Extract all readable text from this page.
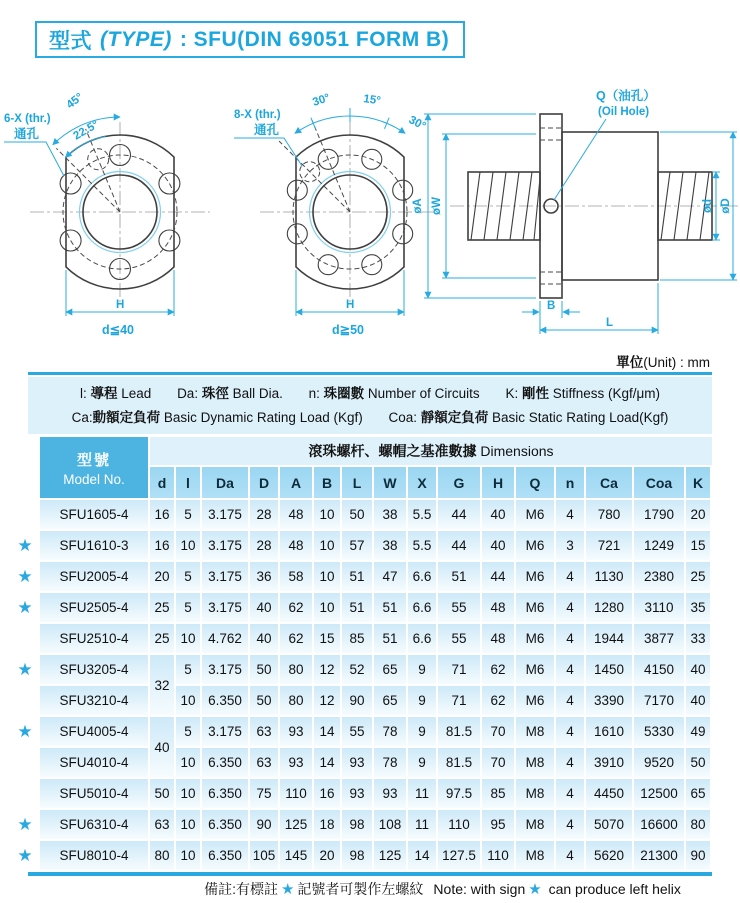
型式 (TYPE) : SFU(DIN 69051 FORM B)
45°
22.5°
6-X (thr.)
通孔
H
d≦40
30°	15°
30°
8-X (thr.)
通孔
H
d≧50
Q（油孔）
(Oil Hole)
øA øW	ød øD
B
L
單位(Unit) : mm
l: 導程 Lead Da: 珠徑 Ball Dia. n: 珠圈數 Number of Circuits K: 剛性 Stiffness (Kgf/μm)
Ca:動額定負荷 Basic Dynamic Rating Load (Kgf) Coa: 靜額定負荷 Basic Static Rating Load(Kgf)

	型號
Model No.	滾珠螺杆、螺帽之基准數據 Dimensions															
		d	l	Da	D	A	B	L	W	X	G	H	Q	n	Ca	Coa	K
	SFU1605-4	16	5	3.175	28	48	10	50	38	5.5	44	40	M6	4	780	1790	20
★	SFU1610-3	16	10	3.175	28	48	10	57	38	5.5	44	40	M6	3	721	1249	15
★	SFU2005-4	20	5	3.175	36	58	10	51	47	6.6	51	44	M6	4	1130	2380	25
★	SFU2505-4	25	5	3.175	40	62	10	51	51	6.6	55	48	M6	4	1280	3110	35
	SFU2510-4	25	10	4.762	40	62	15	85	51	6.6	55	48	M6	4	1944	3877	33
★	SFU3205-4	32	5	3.175	50	80	12	52	65	9	71	62	M6	4	1450	4150	40
	SFU3210-4		10	6.350	50	80	12	90	65	9	71	62	M6	4	3390	7170	40
★	SFU4005-4	40	5	3.175	63	93	14	55	78	9	81.5	70	M8	4	1610	5330	49
	SFU4010-4		10	6.350	63	93	14	93	78	9	81.5	70	M8	4	3910	9520	50
	SFU5010-4	50	10	6.350	75	110	16	93	93	11	97.5	85	M8	4	4450	12500	65
★	SFU6310-4	63	10	6.350	90	125	18	98	108	11	110	95	M8	4	5070	16600	80
★	SFU8010-4	80	10	6.350	105	145	20	98	125	14	127.5	110	M8	4	5620	21300	90
備註:有標註 ★ 記號者可製作左螺紋 Note: with sign ★ can produce left helix
